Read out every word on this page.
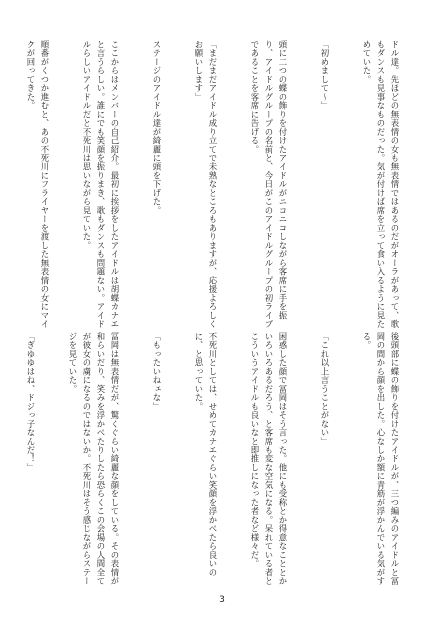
ドル達。先ほどの無表情の女も無表情ではあるのだがオーラがあって、歌もダンスも見事なものだった。気が付けば席を立って食い入るように見ためていた。

「初めまして〜」

頭に二つの蝶の飾りを付けたアイドルがニコニコしながら客席に手を振り、アイドルグループの名前と、今日がこのアイドルグループの初ライブであることを客席に告げる。

「まだまだアイドル成り立てで未熟なところもありますが、応援よろしくお願いします」

ステージのアイドル達が綺麗に頭を下げた。

ここからはメンバーの自己紹介。最初に挨拶をしたアイドルは胡蝶カナエと言うらしい。誰にでも笑顔を振りまき、歌もダンスも問題ない。アイドルらしいアイドルだと不死川は思いながら見ていた。

順番がくつか進むと、あの不死川にフライヤーを渡した無表情の女にマイクが回ってきた。

後頭部に蝶の飾りを付けたアイドルが、三つ編みのアイドルと冨岡の間から顔を出した。心なしか額に青筋が浮かんでいる気がする。

「これ以上言うことがない」

困惑した顔で冨岡はそう言った。他にも受称とか得意なこととかいろいろあるだろう、と客席も変な空気になる。呆れている者とこういうアイドルも良いなと即推しになった者など様々だ。

不死川としては、せめてカナエぐらい笑顔を浮かべたら良いのに、と思っていた。

「もったいねェな」

冨岡は無表情だが、驚くぐらい綺麗な顔をしている。その表情が和らいだり、笑みを浮かべたりしたら恐らくこの会場の人間全てが彼女の虜になるのではないか。不死川はそう感じながらステージを見ていた。

「ぎゆゆはね、ドジっ子なんだ！」

3
